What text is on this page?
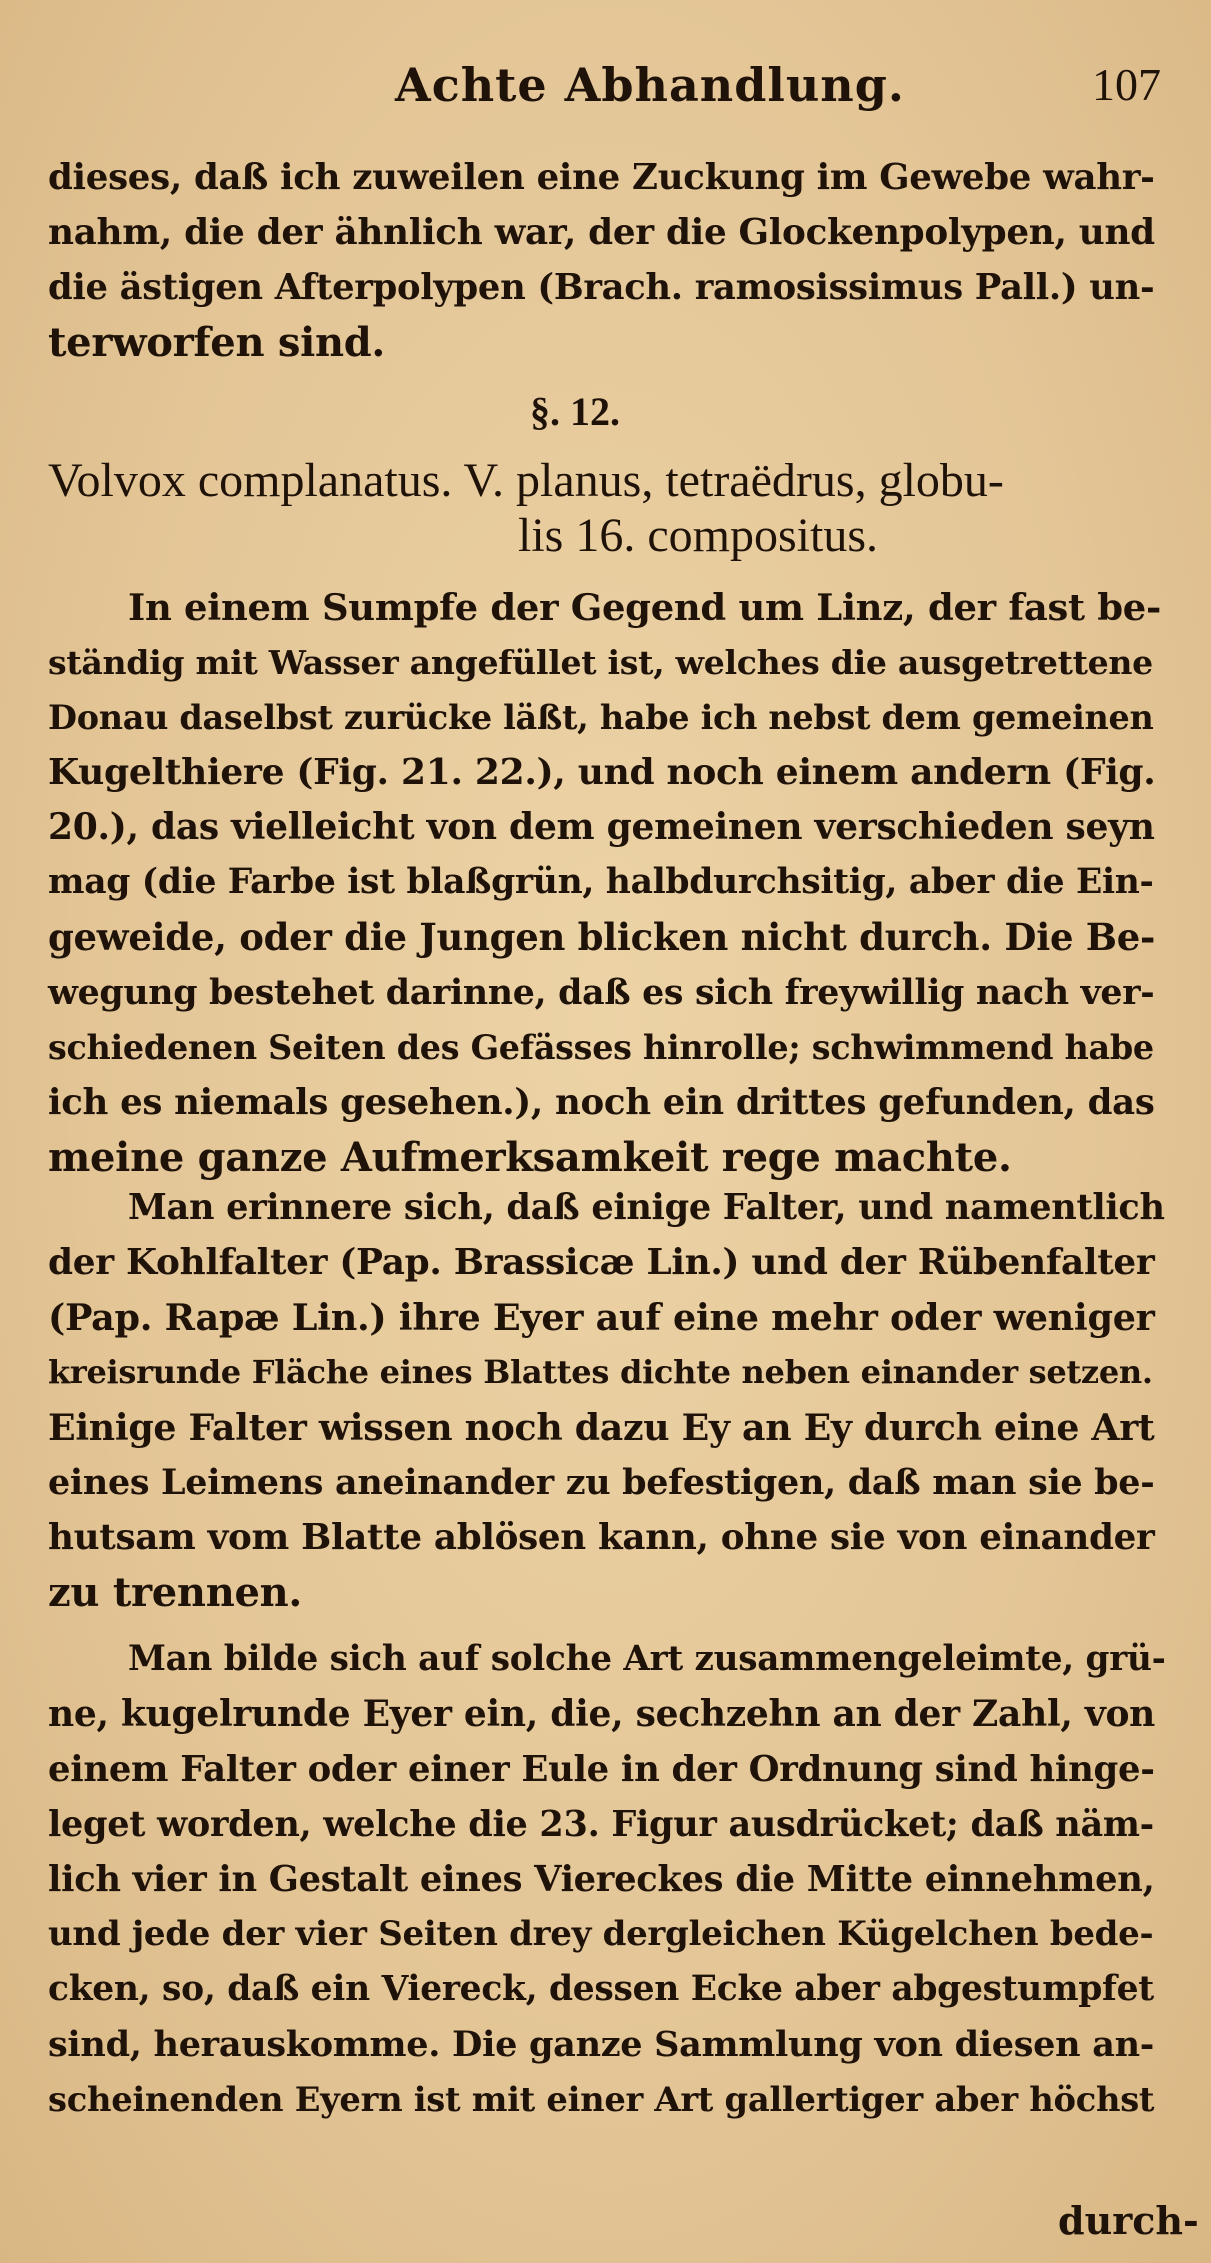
Achte Abhandlung.	107
dieses, daß ich zuweilen eine Zuckung im Gewebe wahr-
nahm, die der ähnlich war, der die Glockenpolypen, und
die ästigen Afterpolypen (Brach. ramosissimus Pall.) un-
terworfen sind.
§. 12.
Volvox complanatus. V. planus, tetraëdrus, globu-
lis 16. compositus.
In einem Sumpfe der Gegend um Linz, der fast be-
ständig mit Wasser angefüllet ist, welches die ausgetrettene
Donau daselbst zurücke läßt, habe ich nebst dem gemeinen
Kugelthiere (Fig. 21. 22.), und noch einem andern (Fig.
20.), das vielleicht von dem gemeinen verschieden seyn
mag (die Farbe ist blaßgrün, halbdurchsitig, aber die Ein-
geweide, oder die Jungen blicken nicht durch. Die Be-
wegung bestehet darinne, daß es sich freywillig nach ver-
schiedenen Seiten des Gefässes hinrolle; schwimmend habe
ich es niemals gesehen.), noch ein drittes gefunden, das
meine ganze Aufmerksamkeit rege machte.
Man erinnere sich, daß einige Falter, und namentlich
der Kohlfalter (Pap. Brassicæ Lin.) und der Rübenfalter
(Pap. Rapæ Lin.) ihre Eyer auf eine mehr oder weniger
kreisrunde Fläche eines Blattes dichte neben einander setzen.
Einige Falter wissen noch dazu Ey an Ey durch eine Art
eines Leimens aneinander zu befestigen, daß man sie be-
hutsam vom Blatte ablösen kann, ohne sie von einander
zu trennen.
Man bilde sich auf solche Art zusammengeleimte, grü-
ne, kugelrunde Eyer ein, die, sechzehn an der Zahl, von
einem Falter oder einer Eule in der Ordnung sind hinge-
leget worden, welche die 23. Figur ausdrücket; daß näm-
lich vier in Gestalt eines Viereckes die Mitte einnehmen,
und jede der vier Seiten drey dergleichen Kügelchen bede-
cken, so, daß ein Viereck, dessen Ecke aber abgestumpfet
sind, herauskomme. Die ganze Sammlung von diesen an-
scheinenden Eyern ist mit einer Art gallertiger aber höchst
durch-
